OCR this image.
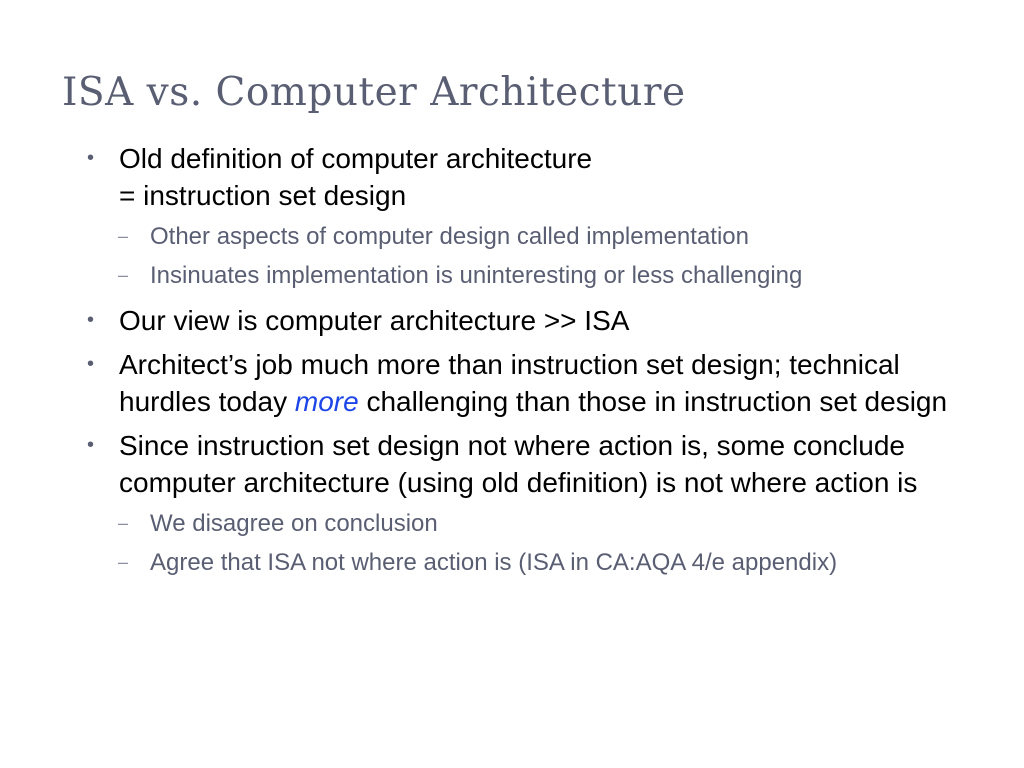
ISA vs. Computer Architecture
• Old definition of computer architecture
= instruction set design
– Other aspects of computer design called implementation
– Insinuates implementation is uninteresting or less challenging
• Our view is computer architecture >> ISA
• Architect’s job much more than instruction set design; technical hurdles today more challenging than those in instruction set design
• Since instruction set design not where action is, some conclude computer architecture (using old definition) is not where action is
– We disagree on conclusion
– Agree that ISA not where action is (ISA in CA:AQA 4/e appendix)
